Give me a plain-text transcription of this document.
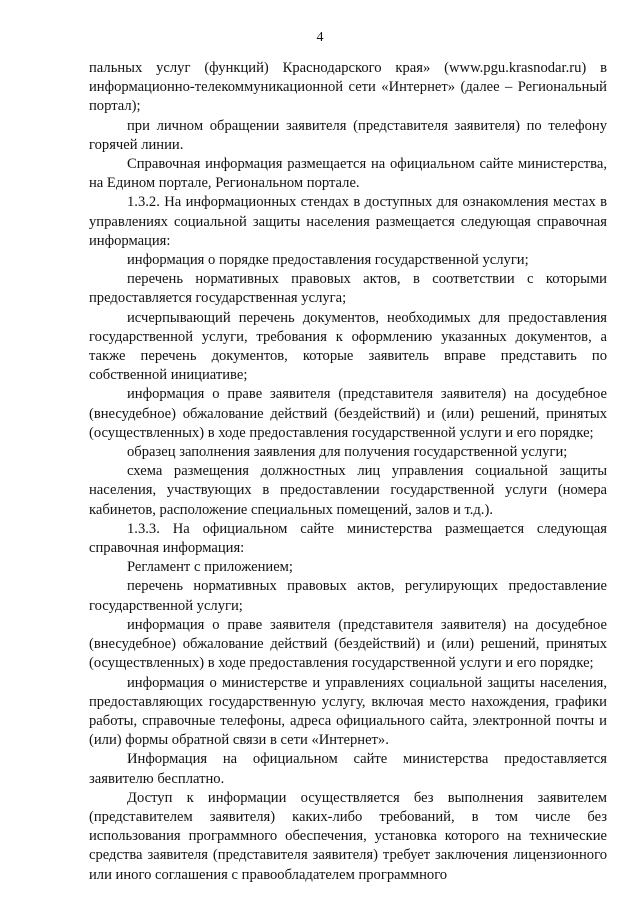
4

пальных услуг (функций) Краснодарского края» (www.pgu.krasnodar.ru) в информационно-телекоммуникационной сети «Интернет» (далее – Региональный портал);

при личном обращении заявителя (представителя заявителя) по телефону горячей линии.

Справочная информация размещается на официальном сайте министерства, на Едином портале, Региональном портале.

1.3.2. На информационных стендах в доступных для ознакомления местах в управлениях социальной защиты населения размещается следующая справочная информация:

информация о порядке предоставления государственной услуги;

перечень нормативных правовых актов, в соответствии с которыми предоставляется государственная услуга;

исчерпывающий перечень документов, необходимых для предоставления государственной услуги, требования к оформлению указанных документов, а также перечень документов, которые заявитель вправе представить по собственной инициативе;

информация о праве заявителя (представителя заявителя) на досудебное (внесудебное) обжалование действий (бездействий) и (или) решений, принятых (осуществленных) в ходе предоставления государственной услуги и его порядке;

образец заполнения заявления для получения государственной услуги;

схема размещения должностных лиц управления социальной защиты населения, участвующих в предоставлении государственной услуги (номера кабинетов, расположение специальных помещений, залов и т.д.).

1.3.3. На официальном сайте министерства размещается следующая справочная информация:

Регламент с приложением;

перечень нормативных правовых актов, регулирующих предоставление государственной услуги;

информация о праве заявителя (представителя заявителя) на досудебное (внесудебное) обжалование действий (бездействий) и (или) решений, принятых (осуществленных) в ходе предоставления государственной услуги и его порядке;

информация о министерстве и управлениях социальной защиты населения, предоставляющих государственную услугу, включая место нахождения, графики работы, справочные телефоны, адреса официального сайта, электронной почты и (или) формы обратной связи в сети «Интернет».

Информация на официальном сайте министерства предоставляется заявителю бесплатно.

Доступ к информации осуществляется без выполнения заявителем (представителем заявителя) каких-либо требований, в том числе без использования программного обеспечения, установка которого на технические средства заявителя (представителя заявителя) требует заключения лицензионного или иного соглашения с правообладателем программного
